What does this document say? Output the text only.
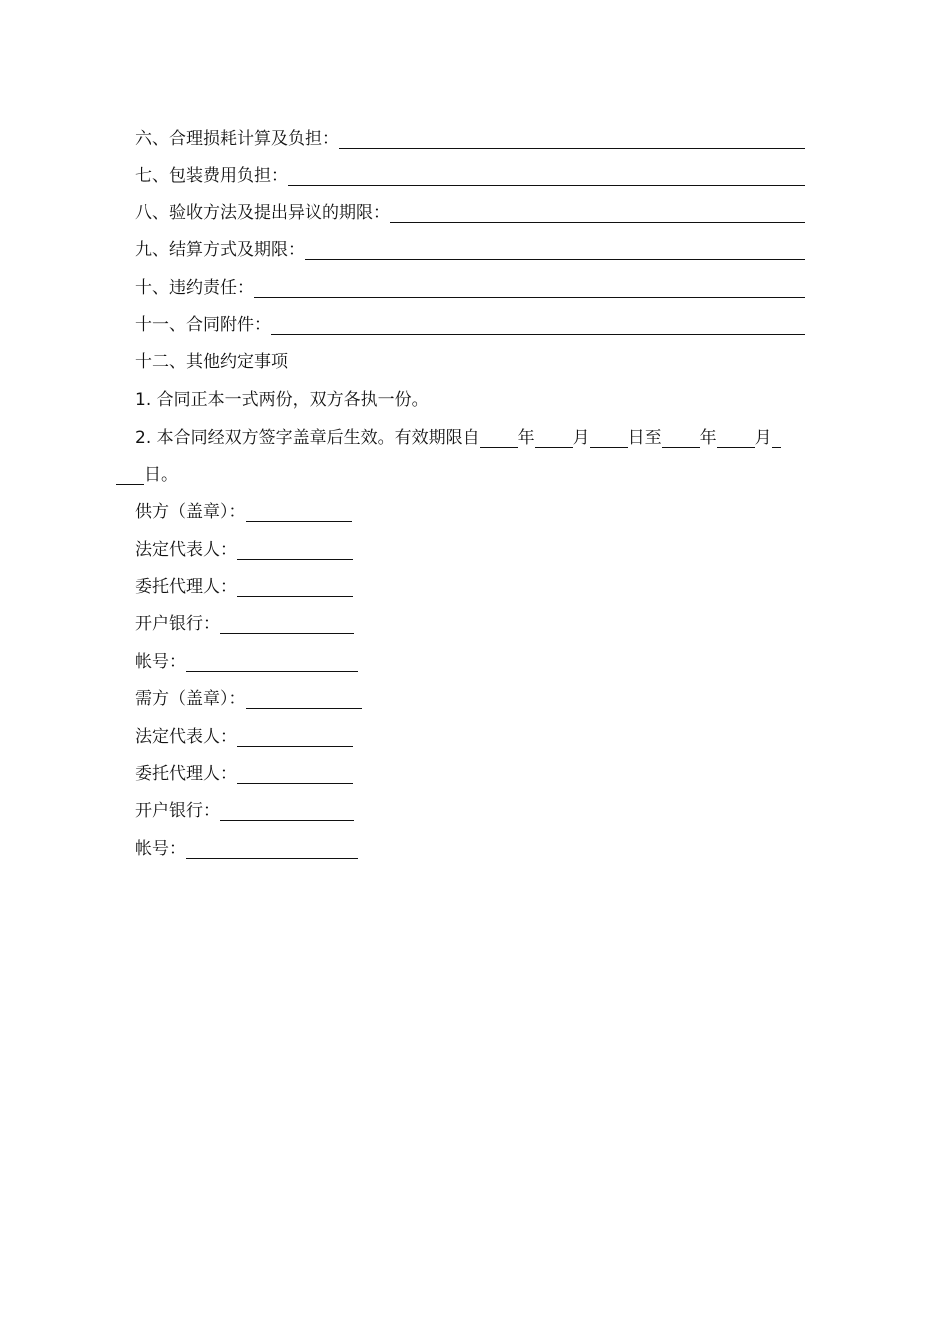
六、合理损耗计算及负担：
七、包装费用负担：
八、验收方法及提出异议的期限：
九、结算方式及期限：
十、违约责任：
十一、合同附件：
十二、其他约定事项
1. 合同正本一式两份，双方各执一份。
2. 本合同经双方签字盖章后生效。有效期限自 年 月 日至 年 月
日。
供方（盖章）：
法定代表人：
委托代理人：
开户银行：
帐号：
需方（盖章）：
法定代表人：
委托代理人：
开户银行：
帐号：
